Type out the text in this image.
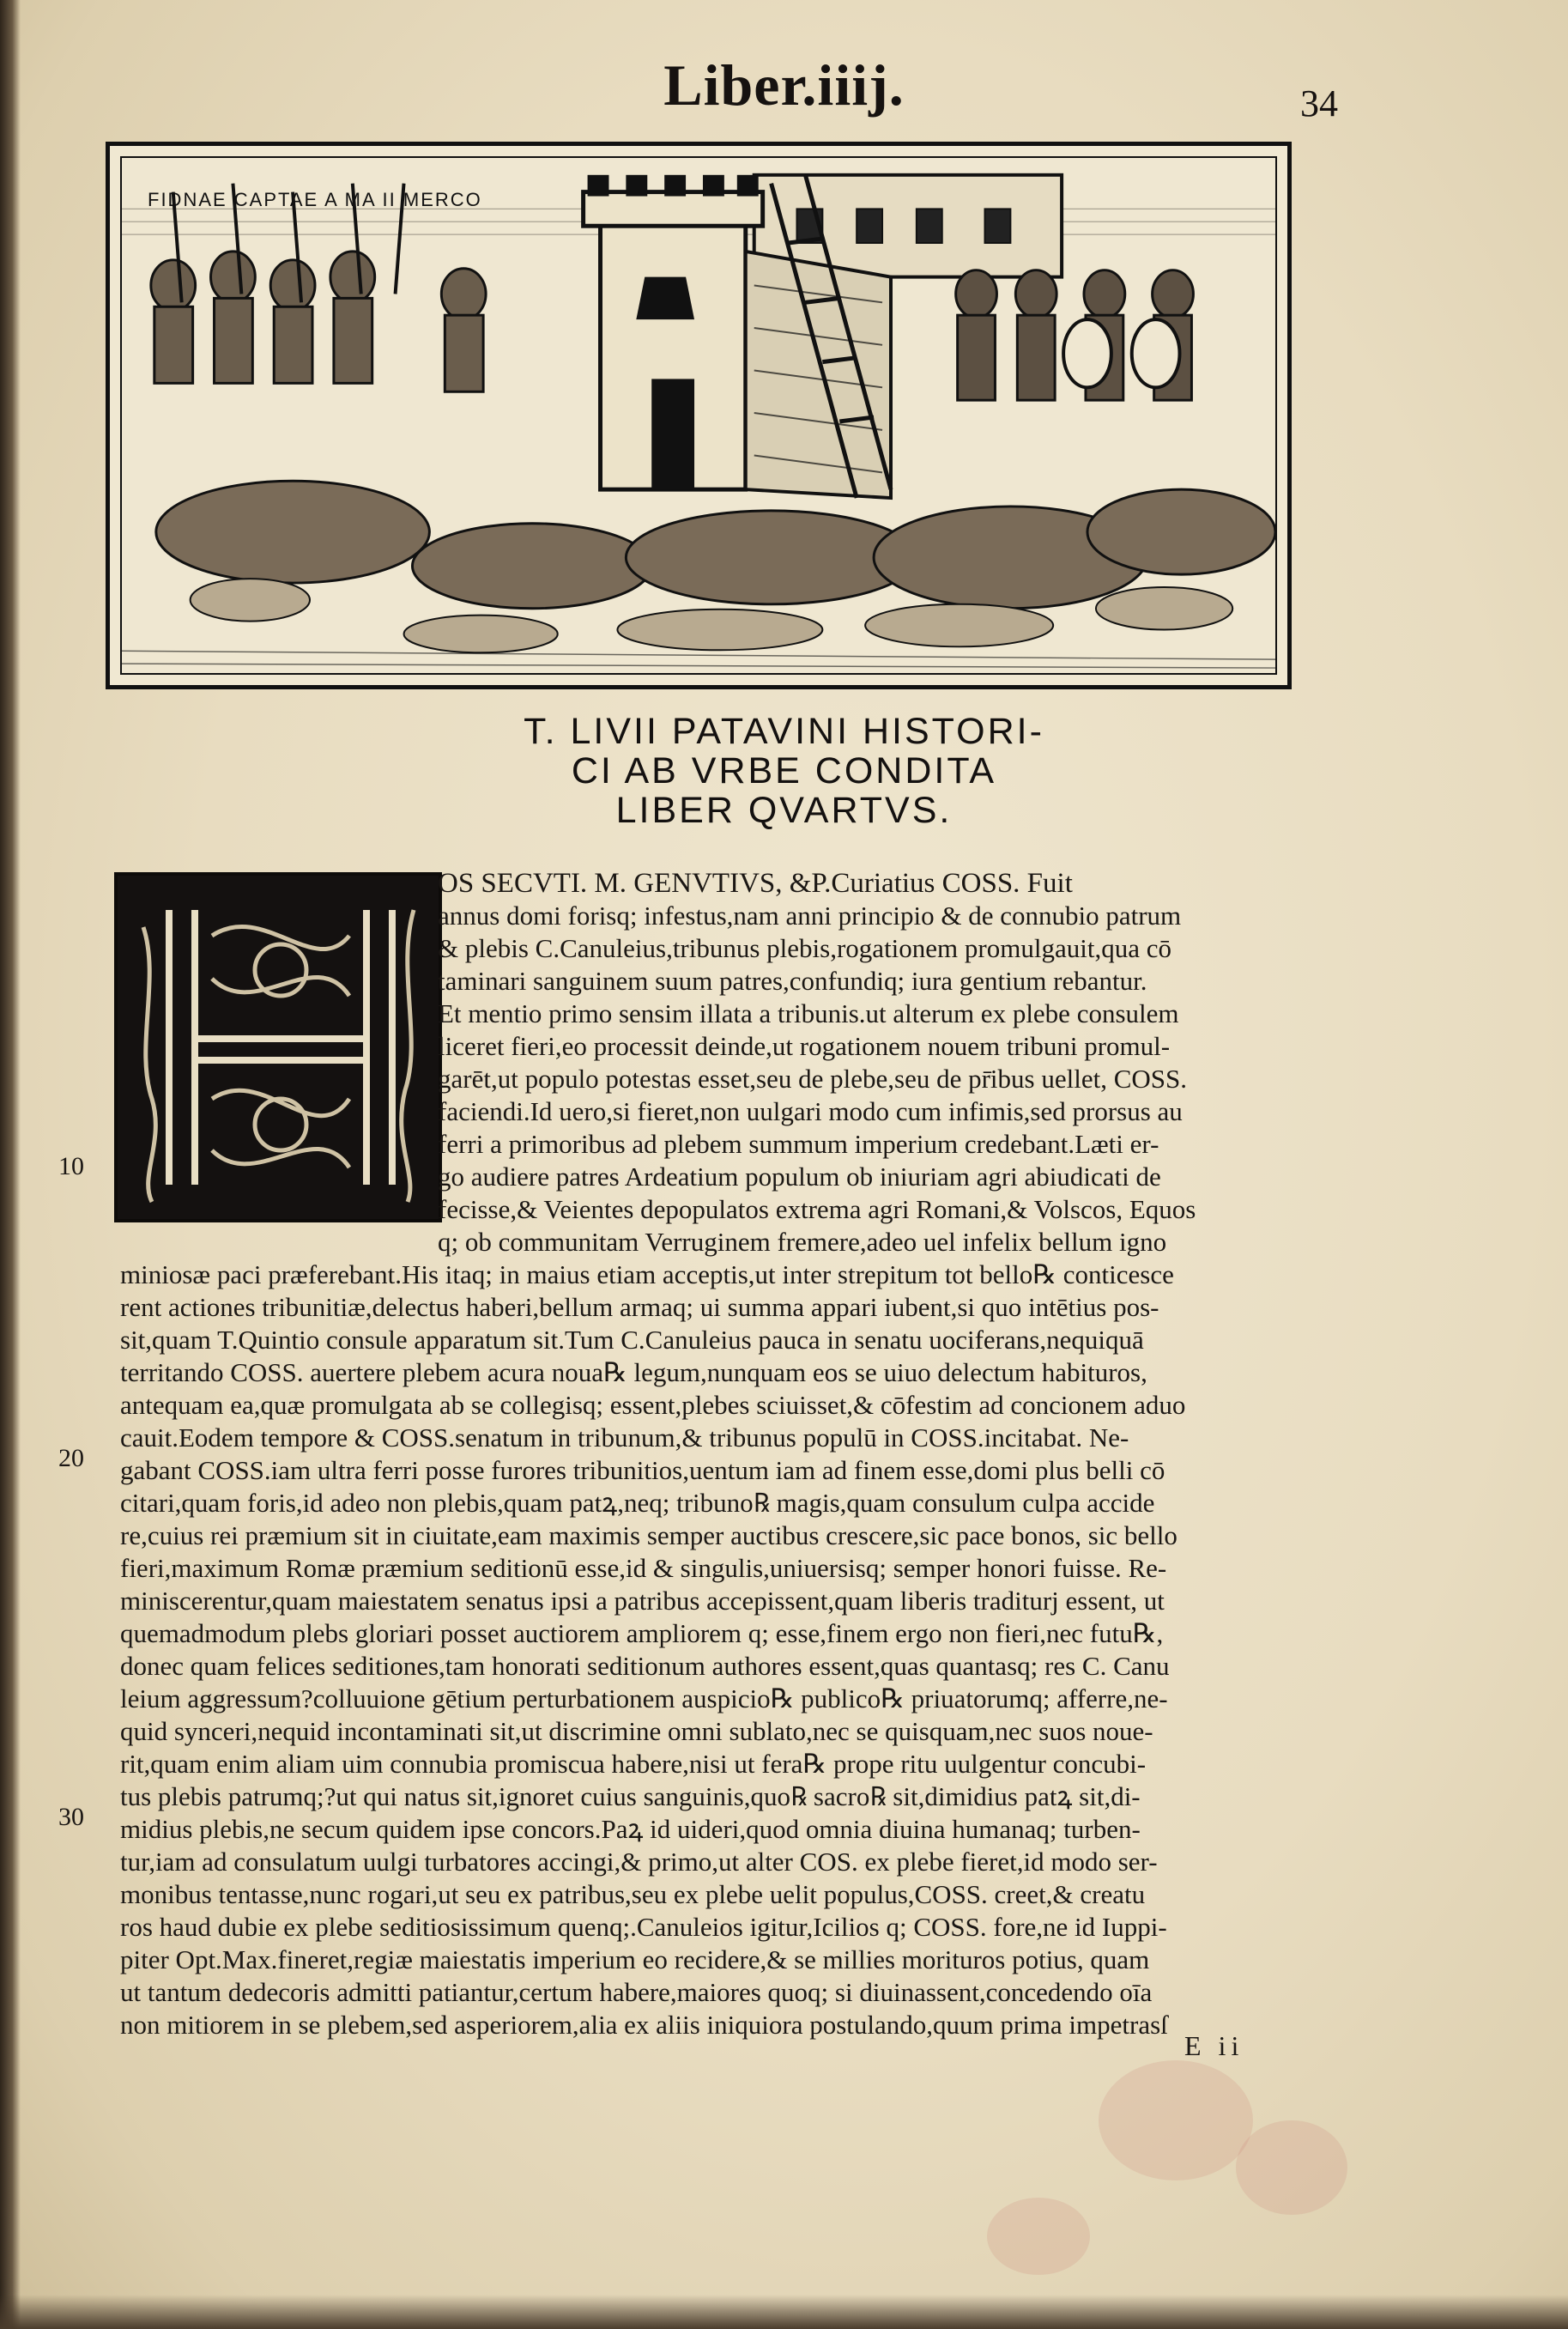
Liber.iiij.	34
FIDNAE CAPTAE A MA II MERCO
T. LIVII PATAVINI HISTORI-
CI AB VRBE CONDITA
LIBER QVARTVS.
10
20
30
OS SECVTI. M. GENVTIVS, &P.Curiatius COSS. Fuit
annus domi forisq; infestus,nam anni principio & de connubio patrum
& plebis C.Canuleius,tribunus plebis,rogationem promulgauit,qua cō
taminari sanguinem suum patres,confundiq; iura gentium rebantur.
Et mentio primo sensim illata a tribunis.ut alterum ex plebe consulem
liceret fieri,eo processit deinde,ut rogationem nouem tribuni promul-
garēt,ut populo potestas esset,seu de plebe,seu de pr̄ibus uellet, COSS.
faciendi.Id uero,si fieret,non uulgari modo cum infimis,sed prorsus au
ferri a primoribus ad plebem summum imperium credebant.Læti er-
go audiere patres Ardeatium populum ob iniuriam agri abiudicati de
fecisse,& Veientes depopulatos extrema agri Romani,& Volscos, Equos
q; ob communitam Verruginem fremere,adeo uel infelix bellum igno
miniosæ paci præferebant.His itaq; in maius etiam acceptis,ut inter strepitum tot bello℞ conticesce
rent actiones tribunitiæ,delectus haberi,bellum armaq; ui summa appari iubent,si quo intētius pos-
sit,quam T.Quintio consule apparatum sit.Tum C.Canuleius pauca in senatu uociferans,nequiquā
territando COSS. auertere plebem acura noua℞ legum,nunquam eos se uiuo delectum habituros,
antequam ea,quæ promulgata ab se collegisq; essent,plebes sciuisset,& cōfestim ad concionem aduo
cauit.Eodem tempore & COSS.senatum in tribunum,& tribunus populū in COSS.incitabat. Ne-
gabant COSS.iam ultra ferri posse furores tribunitios,uentum iam ad finem esse,domi plus belli cō
citari,quam foris,id adeo non plebis,quam patꝝ,neq; tribuno℞ magis,quam consulum culpa accide
re,cuius rei præmium sit in ciuitate,eam maximis semper auctibus crescere,sic pace bonos, sic bello
fieri,maximum Romæ præmium seditionū esse,id & singulis,uniuersisq; semper honori fuisse. Re-
miniscerentur,quam maiestatem senatus ipsi a patribus accepissent,quam liberis traditurj essent, ut
quemadmodum plebs gloriari posset auctiorem ampliorem q; esse,finem ergo non fieri,nec futu℞,
donec quam felices seditiones,tam honorati seditionum authores essent,quas quantasq; res C. Canu
leium aggressum?colluuione gētium perturbationem auspicio℞ publico℞ priuatorumq; afferre,ne-
quid synceri,nequid incontaminati sit,ut discrimine omni sublato,nec se quisquam,nec suos noue-
rit,quam enim aliam uim connubia promiscua habere,nisi ut fera℞ prope ritu uulgentur concubi-
tus plebis patrumq;?ut qui natus sit,ignoret cuius sanguinis,quo℞ sacro℞ sit,dimidius patꝝ sit,di-
midius plebis,ne secum quidem ipse concors.Paꝝ id uideri,quod omnia diuina humanaq; turben-
tur,iam ad consulatum uulgi turbatores accingi,& primo,ut alter COS. ex plebe fieret,id modo ser-
monibus tentasse,nunc rogari,ut seu ex patribus,seu ex plebe uelit populus,COSS. creet,& creatu
ros haud dubie ex plebe seditiosissimum quenq;.Canuleios igitur,Icilios q; COSS. fore,ne id Iuppi-
piter Opt.Max.fineret,regiæ maiestatis imperium eo recidere,& se millies morituros potius, quam
ut tantum dedecoris admitti patiantur,certum habere,maiores quoq; si diuinassent,concedendo oīa
non mitiorem in se plebem,sed asperiorem,alia ex aliis iniquiora postulando,quum prima impetrasſ
E ii
